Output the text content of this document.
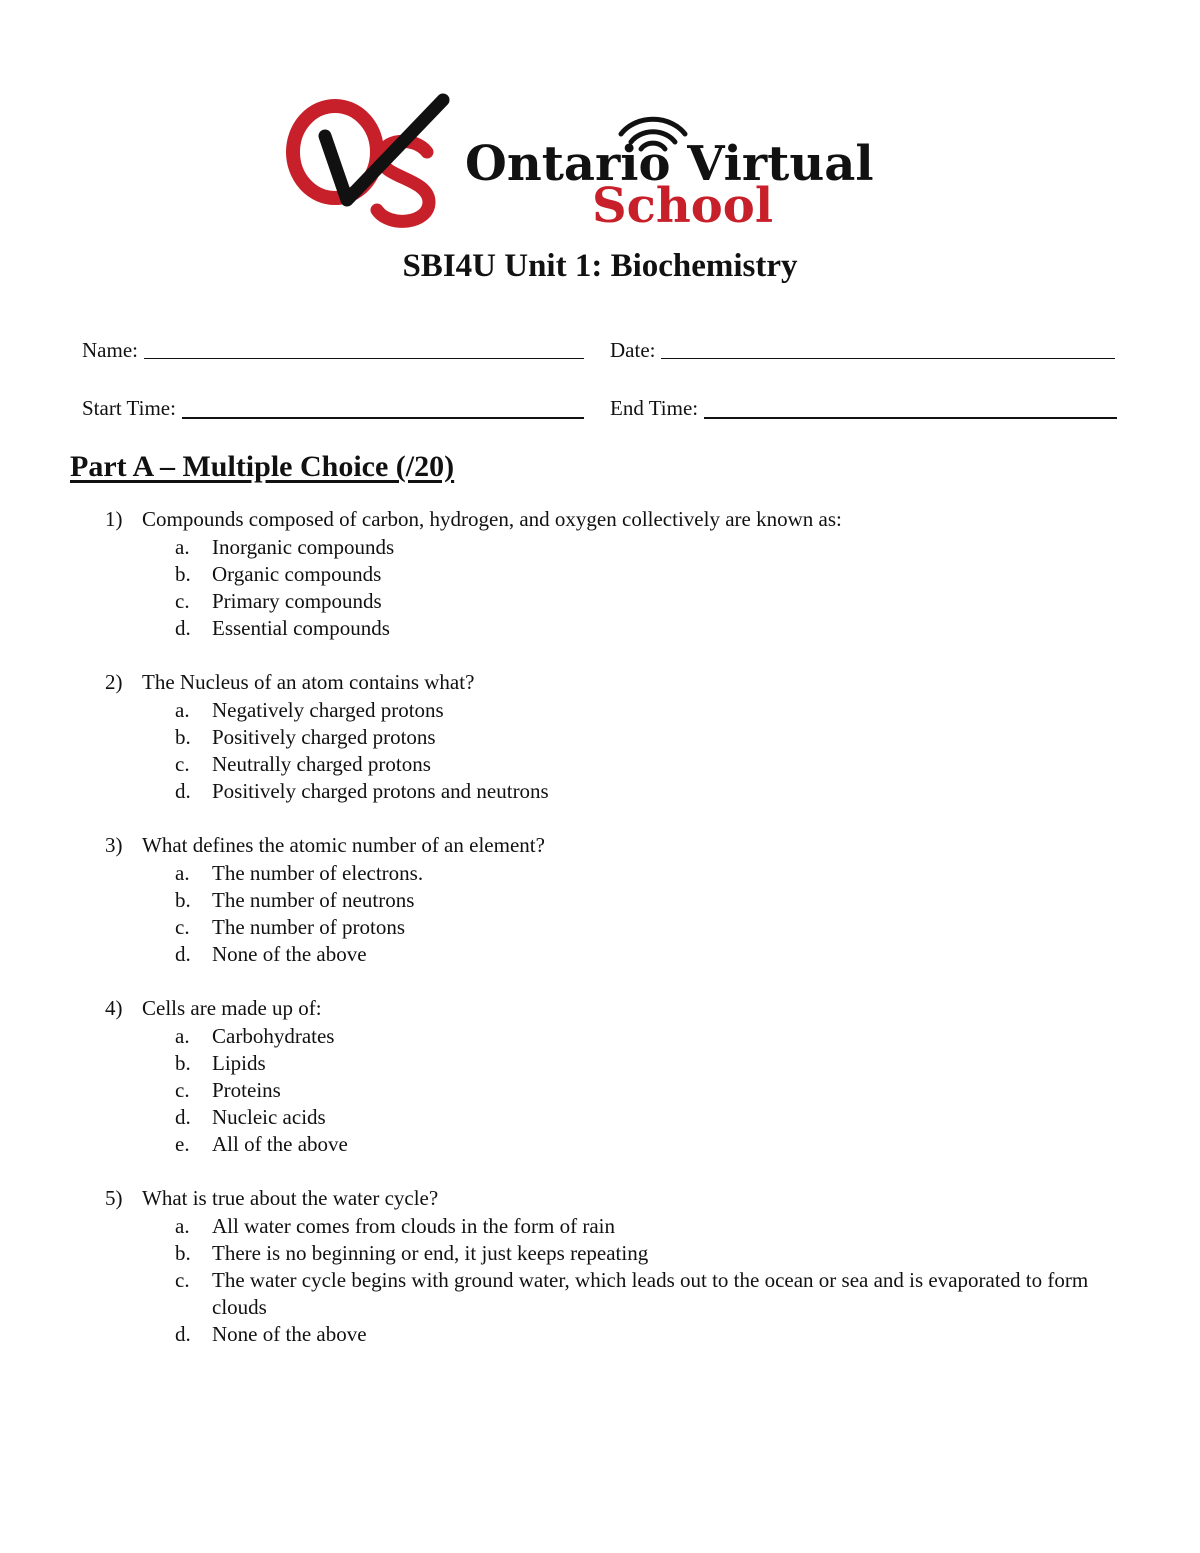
Ontario Virtual
School
SBI4U Unit 1: Biochemistry
Name:	Date:
Start Time:	End Time:
Part A – Multiple Choice (/20)
1) Compounds composed of carbon, hydrogen, and oxygen collectively are known as:
a.	Inorganic compounds
b.	Organic compounds
c.	Primary compounds
d.	Essential compounds
2) The Nucleus of an atom contains what?
a.	Negatively charged protons
b.	Positively charged protons
c.	Neutrally charged protons
d.	Positively charged protons and neutrons
3) What defines the atomic number of an element?
a.	The number of electrons.
b.	The number of neutrons
c.	The number of protons
d.	None of the above
4) Cells are made up of:
a.	Carbohydrates
b.	Lipids
c.	Proteins
d.	Nucleic acids
e.	All of the above
5) What is true about the water cycle?
a.	All water comes from clouds in the form of rain
b.	There is no beginning or end, it just keeps repeating
c.	The water cycle begins with ground water, which leads out to the ocean or sea and is evaporated to form clouds
d.	None of the above
